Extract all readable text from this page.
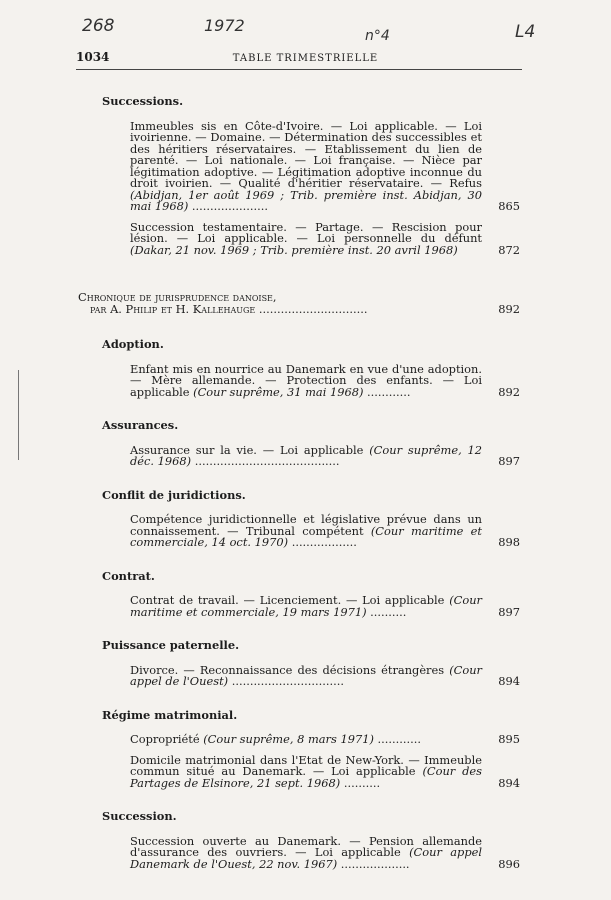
268	1972
n°4	L4
1034	TABLE TRIMESTRIELLE
Successions.
Immeubles sis en Côte-d'Ivoire. — Loi applicable. — Loi ivoirienne. — Domaine. — Détermination des successibles et des héritiers réservataires. — Etablissement du lien de parenté. — Loi nationale. — Loi française. — Nièce par légitimation adoptive. — Légitimation adoptive inconnue du droit ivoirien. — Qualité d'héritier réservataire. — Refus (Abidjan, 1er août 1969 ; Trib. première inst. Abidjan, 30 mai 1968) .....................	865
Succession testamentaire. — Partage. — Rescision pour lésion. — Loi applicable. — Loi personnelle du défunt (Dakar, 21 nov. 1969 ; Trib. première inst. 20 avril 1968)	872
Chronique de jurisprudence danoise,
par A. Philip et H. Kallehauge ..............................	892
Adoption.
Enfant mis en nourrice au Danemark en vue d'une adoption. — Mère allemande. — Protection des enfants. — Loi applicable (Cour suprême, 31 mai 1968) ............	892
Assurances.
Assurance sur la vie. — Loi applicable (Cour suprême, 12 déc. 1968) ........................................	897
Conflit de juridictions.
Compétence juridictionnelle et législative prévue dans un connaissement. — Tribunal compétent (Cour maritime et commerciale, 14 oct. 1970) ..................	898
Contrat.
Contrat de travail. — Licenciement. — Loi applicable (Cour maritime et commerciale, 19 mars 1971) ..........	897
Puissance paternelle.
Divorce. — Reconnaissance des décisions étrangères (Cour appel de l'Ouest) ...............................	894
Régime matrimonial.
Copropriété (Cour suprême, 8 mars 1971) ............	895
Domicile matrimonial dans l'Etat de New-York. — Immeuble commun situé au Danemark. — Loi applicable (Cour des Partages de Elsinore, 21 sept. 1968) ..........	894
Succession.
Succession ouverte au Danemark. — Pension allemande d'assurance des ouvriers. — Loi applicable (Cour appel Danemark de l'Ouest, 22 nov. 1967) ...................	896
